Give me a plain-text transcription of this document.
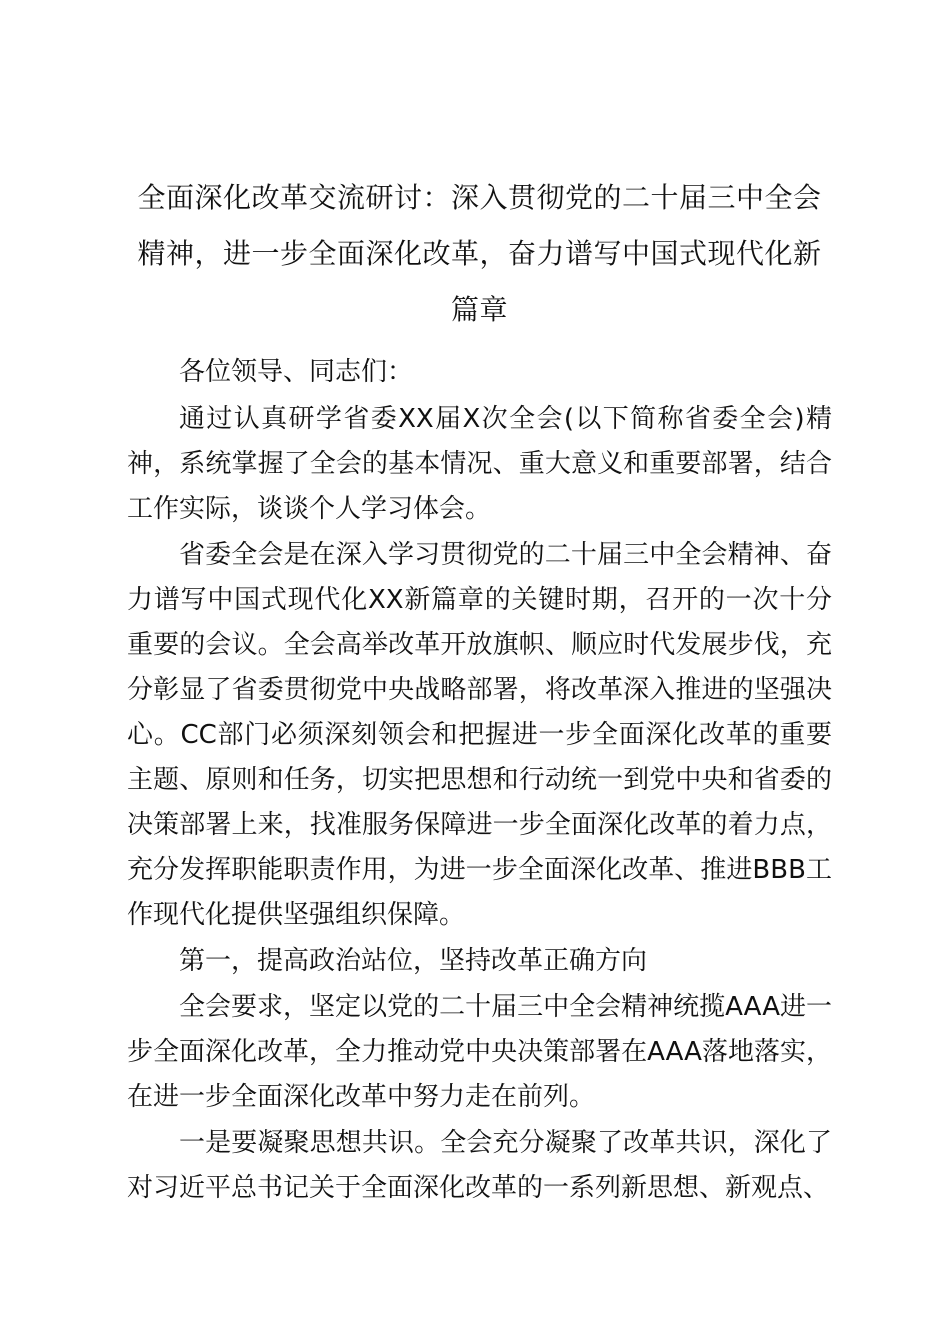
全面深化改革交流研讨：深入贯彻党的二十届三中全会精神，进一步全面深化改革，奋力谱写中国式现代化新篇章

各位领导、同志们：

通过认真研学省委XX届X次全会(以下简称省委全会)精神，系统掌握了全会的基本情况、重大意义和重要部署，结合工作实际，谈谈个人学习体会。

省委全会是在深入学习贯彻党的二十届三中全会精神、奋力谱写中国式现代化XX新篇章的关键时期，召开的一次十分重要的会议。全会高举改革开放旗帜、顺应时代发展步伐，充分彰显了省委贯彻党中央战略部署，将改革深入推进的坚强决心。CC部门必须深刻领会和把握进一步全面深化改革的重要主题、原则和任务，切实把思想和行动统一到党中央和省委的决策部署上来，找准服务保障进一步全面深化改革的着力点，充分发挥职能职责作用，为进一步全面深化改革、推进BBB工作现代化提供坚强组织保障。

第一，提高政治站位，坚持改革正确方向

全会要求，坚定以党的二十届三中全会精神统揽AAA进一步全面深化改革，全力推动党中央决策部署在AAA落地落实，在进一步全面深化改革中努力走在前列。

一是要凝聚思想共识。全会充分凝聚了改革共识，深化了对习近平总书记关于全面深化改革的一系列新思想、新观点、
